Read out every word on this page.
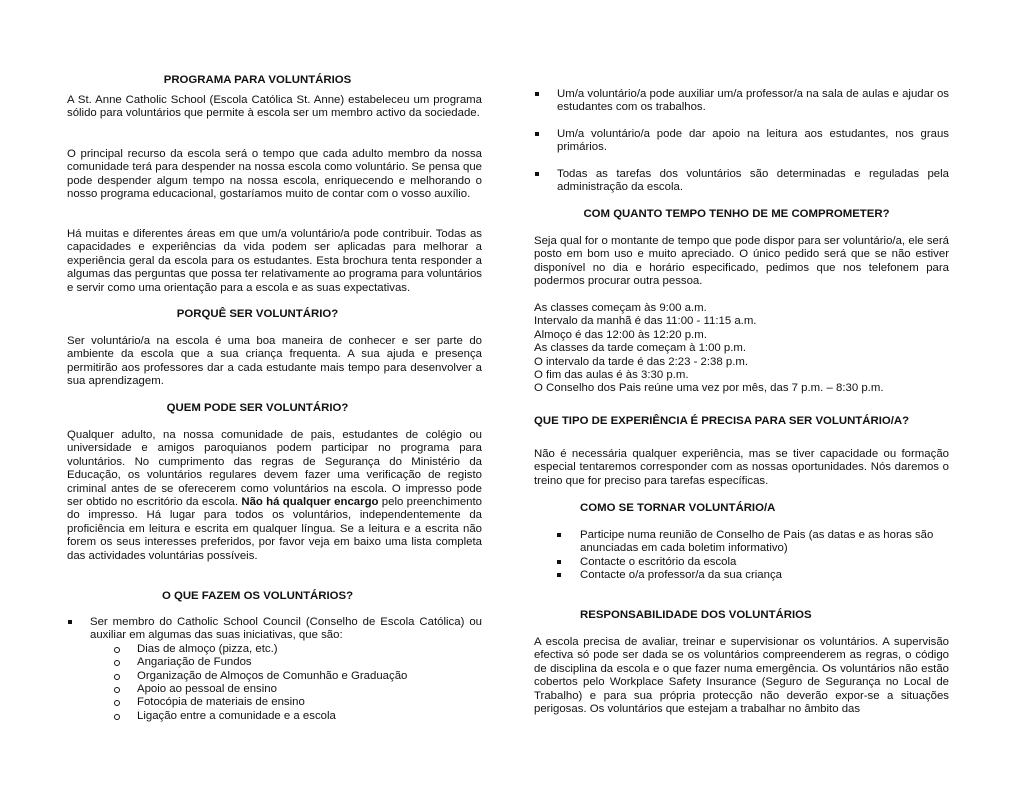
PROGRAMA PARA VOLUNTÁRIOS

A St. Anne Catholic School (Escola Católica St. Anne) estabeleceu um programa sólido para voluntários que permite à escola ser um membro activo da sociedade.

O principal recurso da escola será o tempo que cada adulto membro da nossa comunidade terá para despender na nossa escola como voluntário. Se pensa que pode despender algum tempo na nossa escola, enriquecendo e melhorando o nosso programa educacional, gostaríamos muito de contar com o vosso auxílio.

Há muitas e diferentes áreas em que um/a voluntário/a pode contribuir. Todas as capacidades e experiências da vida podem ser aplicadas para melhorar a experiência geral da escola para os estudantes. Esta brochura tenta responder a algumas das perguntas que possa ter relativamente ao programa para voluntários e servir como uma orientação para a escola e as suas expectativas.

PORQUÊ SER VOLUNTÁRIO?

Ser voluntário/a na escola é uma boa maneira de conhecer e ser parte do ambiente da escola que a sua criança frequenta. A sua ajuda e presença permitirão aos professores dar a cada estudante mais tempo para desenvolver a sua aprendizagem.

QUEM PODE SER VOLUNTÁRIO?

Qualquer adulto, na nossa comunidade de pais, estudantes de colégio ou universidade e amigos paroquianos podem participar no programa para voluntários. No cumprimento das regras de Segurança do Ministério da Educação, os voluntários regulares devem fazer uma verificação de registo criminal antes de se oferecerem como voluntários na escola. O impresso pode ser obtido no escritório da escola. Não há qualquer encargo pelo preenchimento do impresso. Há lugar para todos os voluntários, independentemente da proficiência em leitura e escrita em qualquer língua. Se a leitura e a escrita não forem os seus interesses preferidos, por favor veja em baixo uma lista completa das actividades voluntárias possíveis.

O QUE FAZEM OS VOLUNTÁRIOS?
Ser membro do Catholic School Council (Conselho de Escola Católica) ou auxiliar em algumas das suas iniciativas, que são:
Dias de almoço (pizza, etc.)
Angariação de Fundos
Organização de Almoços de Comunhão e Graduação
Apoio ao pessoal de ensino
Fotocópia de materiais de ensino
Ligação entre a comunidade e a escola
Um/a voluntário/a pode auxiliar um/a professor/a na sala de aulas e ajudar os estudantes com os trabalhos.
Um/a voluntário/a pode dar apoio na leitura aos estudantes, nos graus primários.
Todas as tarefas dos voluntários são determinadas e reguladas pela administração da escola.
COM QUANTO TEMPO TENHO DE ME COMPROMETER?

Seja qual for o montante de tempo que pode dispor para ser voluntário/a, ele será posto em bom uso e muito apreciado. O único pedido será que se não estiver disponível no dia e horário especificado, pedimos que nos telefonem para podermos procurar outra pessoa.

As classes começam às 9:00 a.m.
Intervalo da manhã é das 11:00 - 11:15 a.m.
Almoço é das 12:00 às 12:20 p.m.
As classes da tarde começam à 1:00 p.m.
O intervalo da tarde é das 2:23 - 2:38 p.m.
O fim das aulas é às 3:30 p.m.
O Conselho dos Pais reúne uma vez por mês, das 7 p.m. – 8:30 p.m.
QUE TIPO DE EXPERIÊNCIA É PRECISA PARA SER VOLUNTÁRIO/A?

Não é necessária qualquer experiência, mas se tiver capacidade ou formação especial tentaremos corresponder com as nossas oportunidades. Nós daremos o treino que for preciso para tarefas específicas.

COMO SE TORNAR VOLUNTÁRIO/A
Participe numa reunião de Conselho de Pais (as datas e as horas são anunciadas em cada boletim informativo)
Contacte o escritório da escola
Contacte o/a professor/a da sua criança
RESPONSABILIDADE DOS VOLUNTÁRIOS

A escola precisa de avaliar, treinar e supervisionar os voluntários. A supervisão efectiva só pode ser dada se os voluntários compreenderem as regras, o código de disciplina da escola e o que fazer numa emergência. Os voluntários não estão cobertos pelo Workplace Safety Insurance (Seguro de Segurança no Local de Trabalho) e para sua própria protecção não deverão expor-se a situações perigosas. Os voluntários que estejam a trabalhar no âmbito das
